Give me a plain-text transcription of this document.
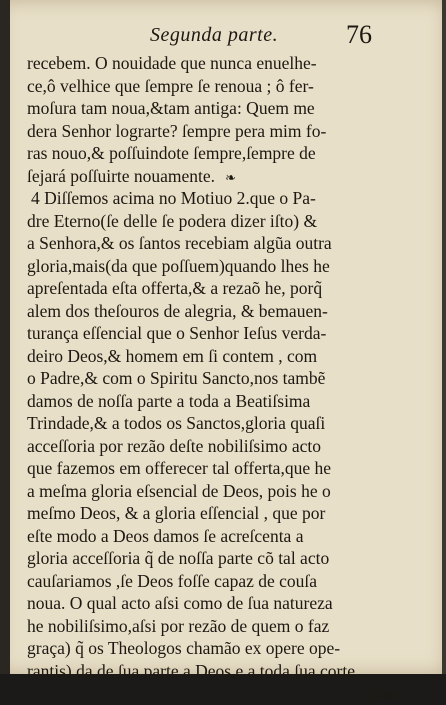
Segunda parte.	76
recebem. O nouidade que nunca enuelhe-
ce,ô velhice que ſempre ſe renoua ; ô fer-
moſura tam noua,&tam antiga: Quem me
dera Senhor lograrte? ſempre pera mim fo-
ras nouo,& poſſuindote ſempre,ſempre de
ſejará poſſuirte nouamente. ❧
4 Diſſemos acima no Motiuo 2.que o Pa-
dre Eterno(ſe delle ſe podera dizer iſto) &
a Senhora,& os ſantos recebiam algũa outra
gloria,mais(da que poſſuem)quando lhes he
apreſentada eſta offerta,& a rezaõ he, porq̃
alem dos theſouros de alegria, & bemauen-
turança eſſencial que o Senhor Ieſus verda-
deiro Deos,& homem em ſi contem , com
o Padre,& com o Spiritu Sancto,nos tambẽ
damos de noſſa parte a toda a Beatiſsima
Trindade,& a todos os Sanctos,gloria quaſi
acceſſoria por rezão deſte nobiliſsimo acto
que fazemos em offerecer tal offerta,que he
a meſma gloria eſsencial de Deos, pois he o
meſmo Deos, & a gloria eſſencial , que por
eſte modo a Deos damos ſe acreſcenta a
gloria acceſſoria q̃ de noſſa parte cõ tal acto
cauſariamos ,ſe Deos foſſe capaz de couſa
noua. O qual acto aſsi como de ſua natureza
he nobiliſsimo,aſsi por rezão de quem o faz
graça) q̃ os Theologos chamão ex opere ope-
rantis) da de ſua parte a Deos,e a toda ſua corte
gran-
